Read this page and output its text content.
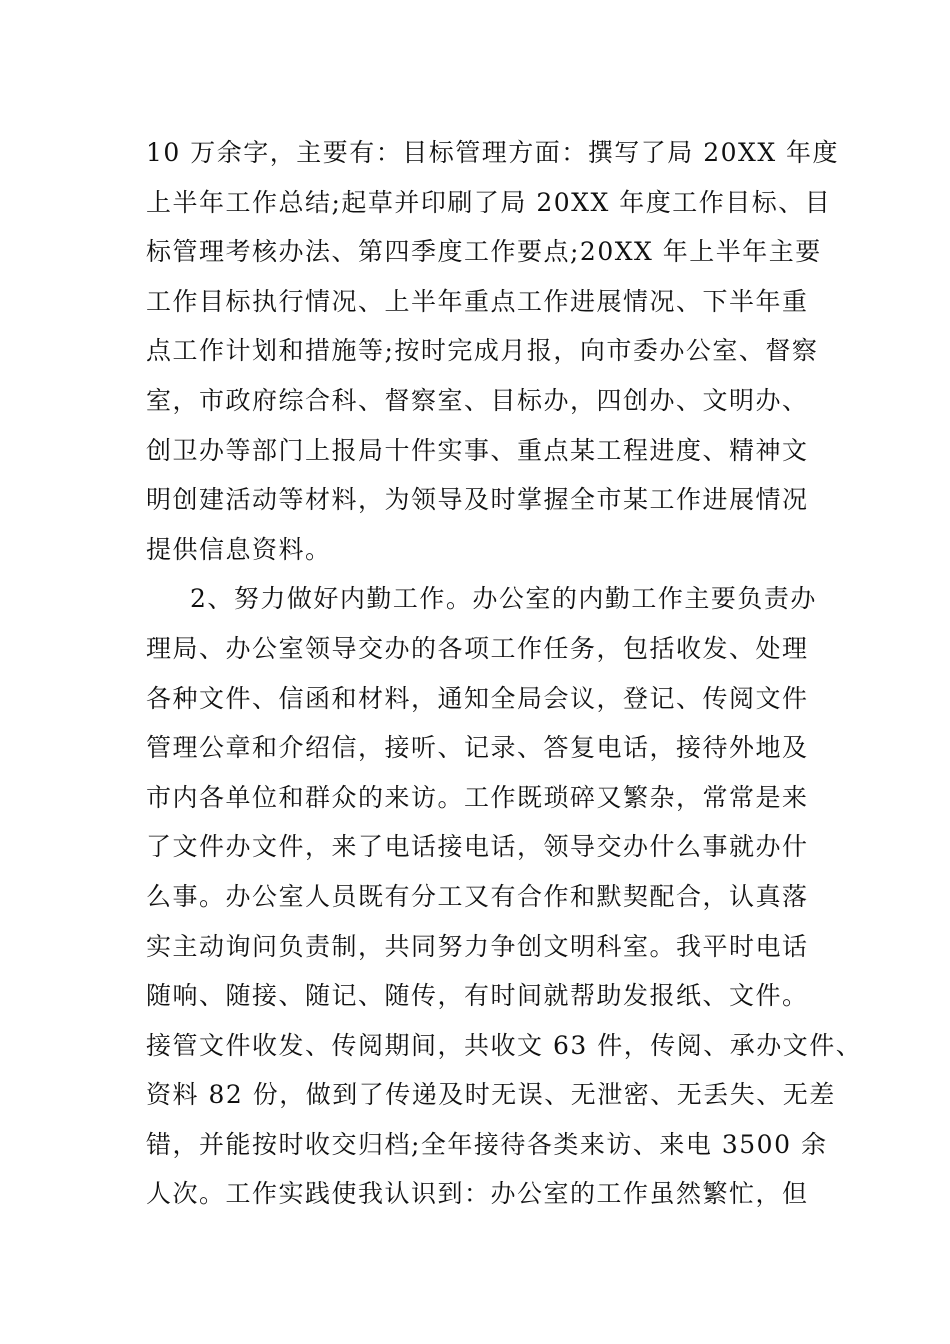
10 万余字，主要有：目标管理方面：撰写了局 20XX 年度
上半年工作总结;起草并印刷了局 20XX 年度工作目标、目
标管理考核办法、第四季度工作要点;20XX 年上半年主要
工作目标执行情况、上半年重点工作进展情况、下半年重
点工作计划和措施等;按时完成月报，向市委办公室、督察
室，市政府综合科、督察室、目标办，四创办、文明办、
创卫办等部门上报局十件实事、重点某工程进度、精神文
明创建活动等材料，为领导及时掌握全市某工作进展情况
提供信息资料。
2、努力做好内勤工作。办公室的内勤工作主要负责办
理局、办公室领导交办的各项工作任务，包括收发、处理
各种文件、信函和材料，通知全局会议，登记、传阅文件
管理公章和介绍信，接听、记录、答复电话，接待外地及
市内各单位和群众的来访。工作既琐碎又繁杂，常常是来
了文件办文件，来了电话接电话，领导交办什么事就办什
么事。办公室人员既有分工又有合作和默契配合，认真落
实主动询问负责制，共同努力争创文明科室。我平时电话
随响、随接、随记、随传，有时间就帮助发报纸、文件。
接管文件收发、传阅期间，共收文 63 件，传阅、承办文件、
资料 82 份，做到了传递及时无误、无泄密、无丢失、无差
错，并能按时收交归档;全年接待各类来访、来电 3500 余
人次。工作实践使我认识到：办公室的工作虽然繁忙，但
